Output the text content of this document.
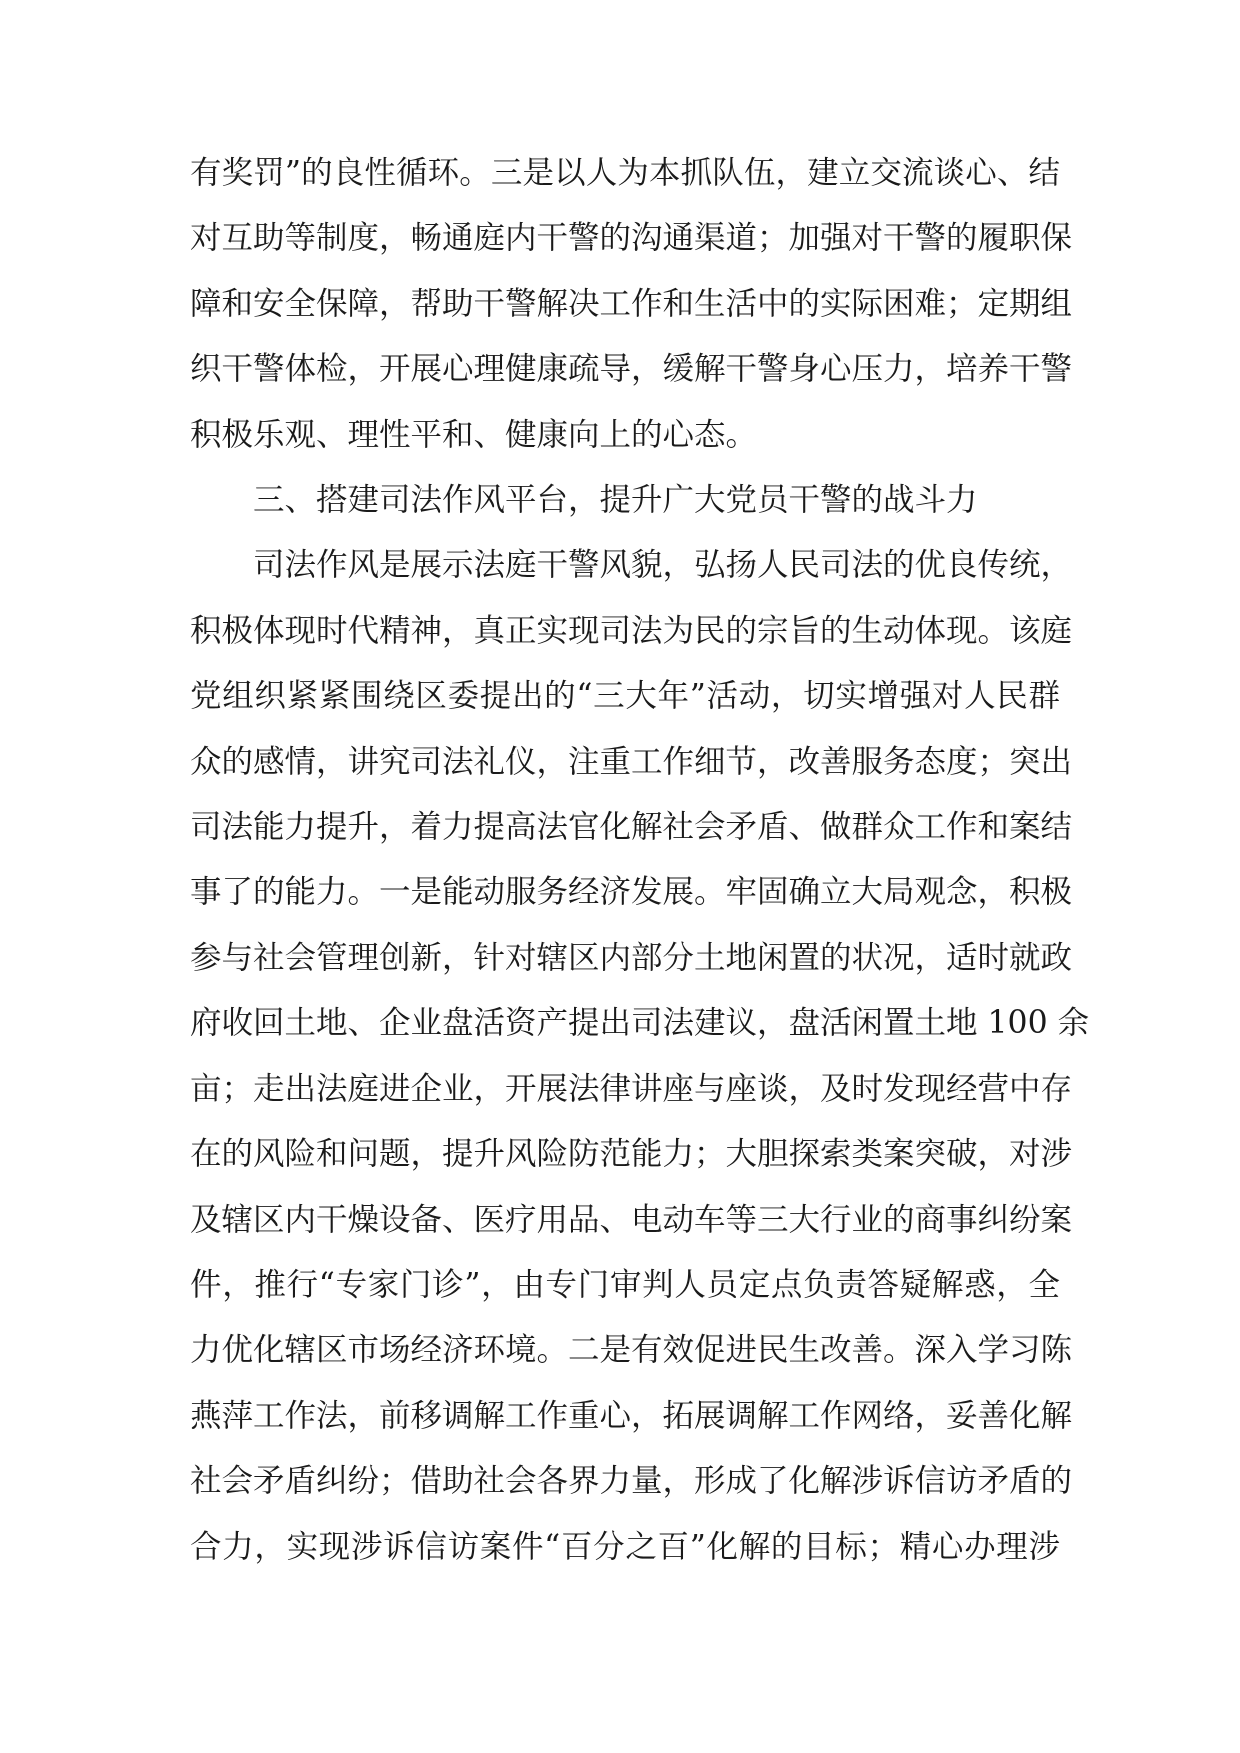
有奖罚”的良性循环。三是以人为本抓队伍，建立交流谈心、结
对互助等制度，畅通庭内干警的沟通渠道；加强对干警的履职保
障和安全保障，帮助干警解决工作和生活中的实际困难；定期组
织干警体检，开展心理健康疏导，缓解干警身心压力，培养干警
积极乐观、理性平和、健康向上的心态。
三、搭建司法作风平台，提升广大党员干警的战斗力
司法作风是展示法庭干警风貌，弘扬人民司法的优良传统，
积极体现时代精神，真正实现司法为民的宗旨的生动体现。该庭
党组织紧紧围绕区委提出的“三大年”活动，切实增强对人民群
众的感情，讲究司法礼仪，注重工作细节，改善服务态度；突出
司法能力提升，着力提高法官化解社会矛盾、做群众工作和案结
事了的能力。一是能动服务经济发展。牢固确立大局观念，积极
参与社会管理创新，针对辖区内部分土地闲置的状况，适时就政
府收回土地、企业盘活资产提出司法建议，盘活闲置土地 100 余
亩；走出法庭进企业，开展法律讲座与座谈，及时发现经营中存
在的风险和问题，提升风险防范能力；大胆探索类案突破，对涉
及辖区内干燥设备、医疗用品、电动车等三大行业的商事纠纷案
件，推行“专家门诊”，由专门审判人员定点负责答疑解惑，全
力优化辖区市场经济环境。二是有效促进民生改善。深入学习陈
燕萍工作法，前移调解工作重心，拓展调解工作网络，妥善化解
社会矛盾纠纷；借助社会各界力量，形成了化解涉诉信访矛盾的
合力，实现涉诉信访案件“百分之百”化解的目标；精心办理涉
